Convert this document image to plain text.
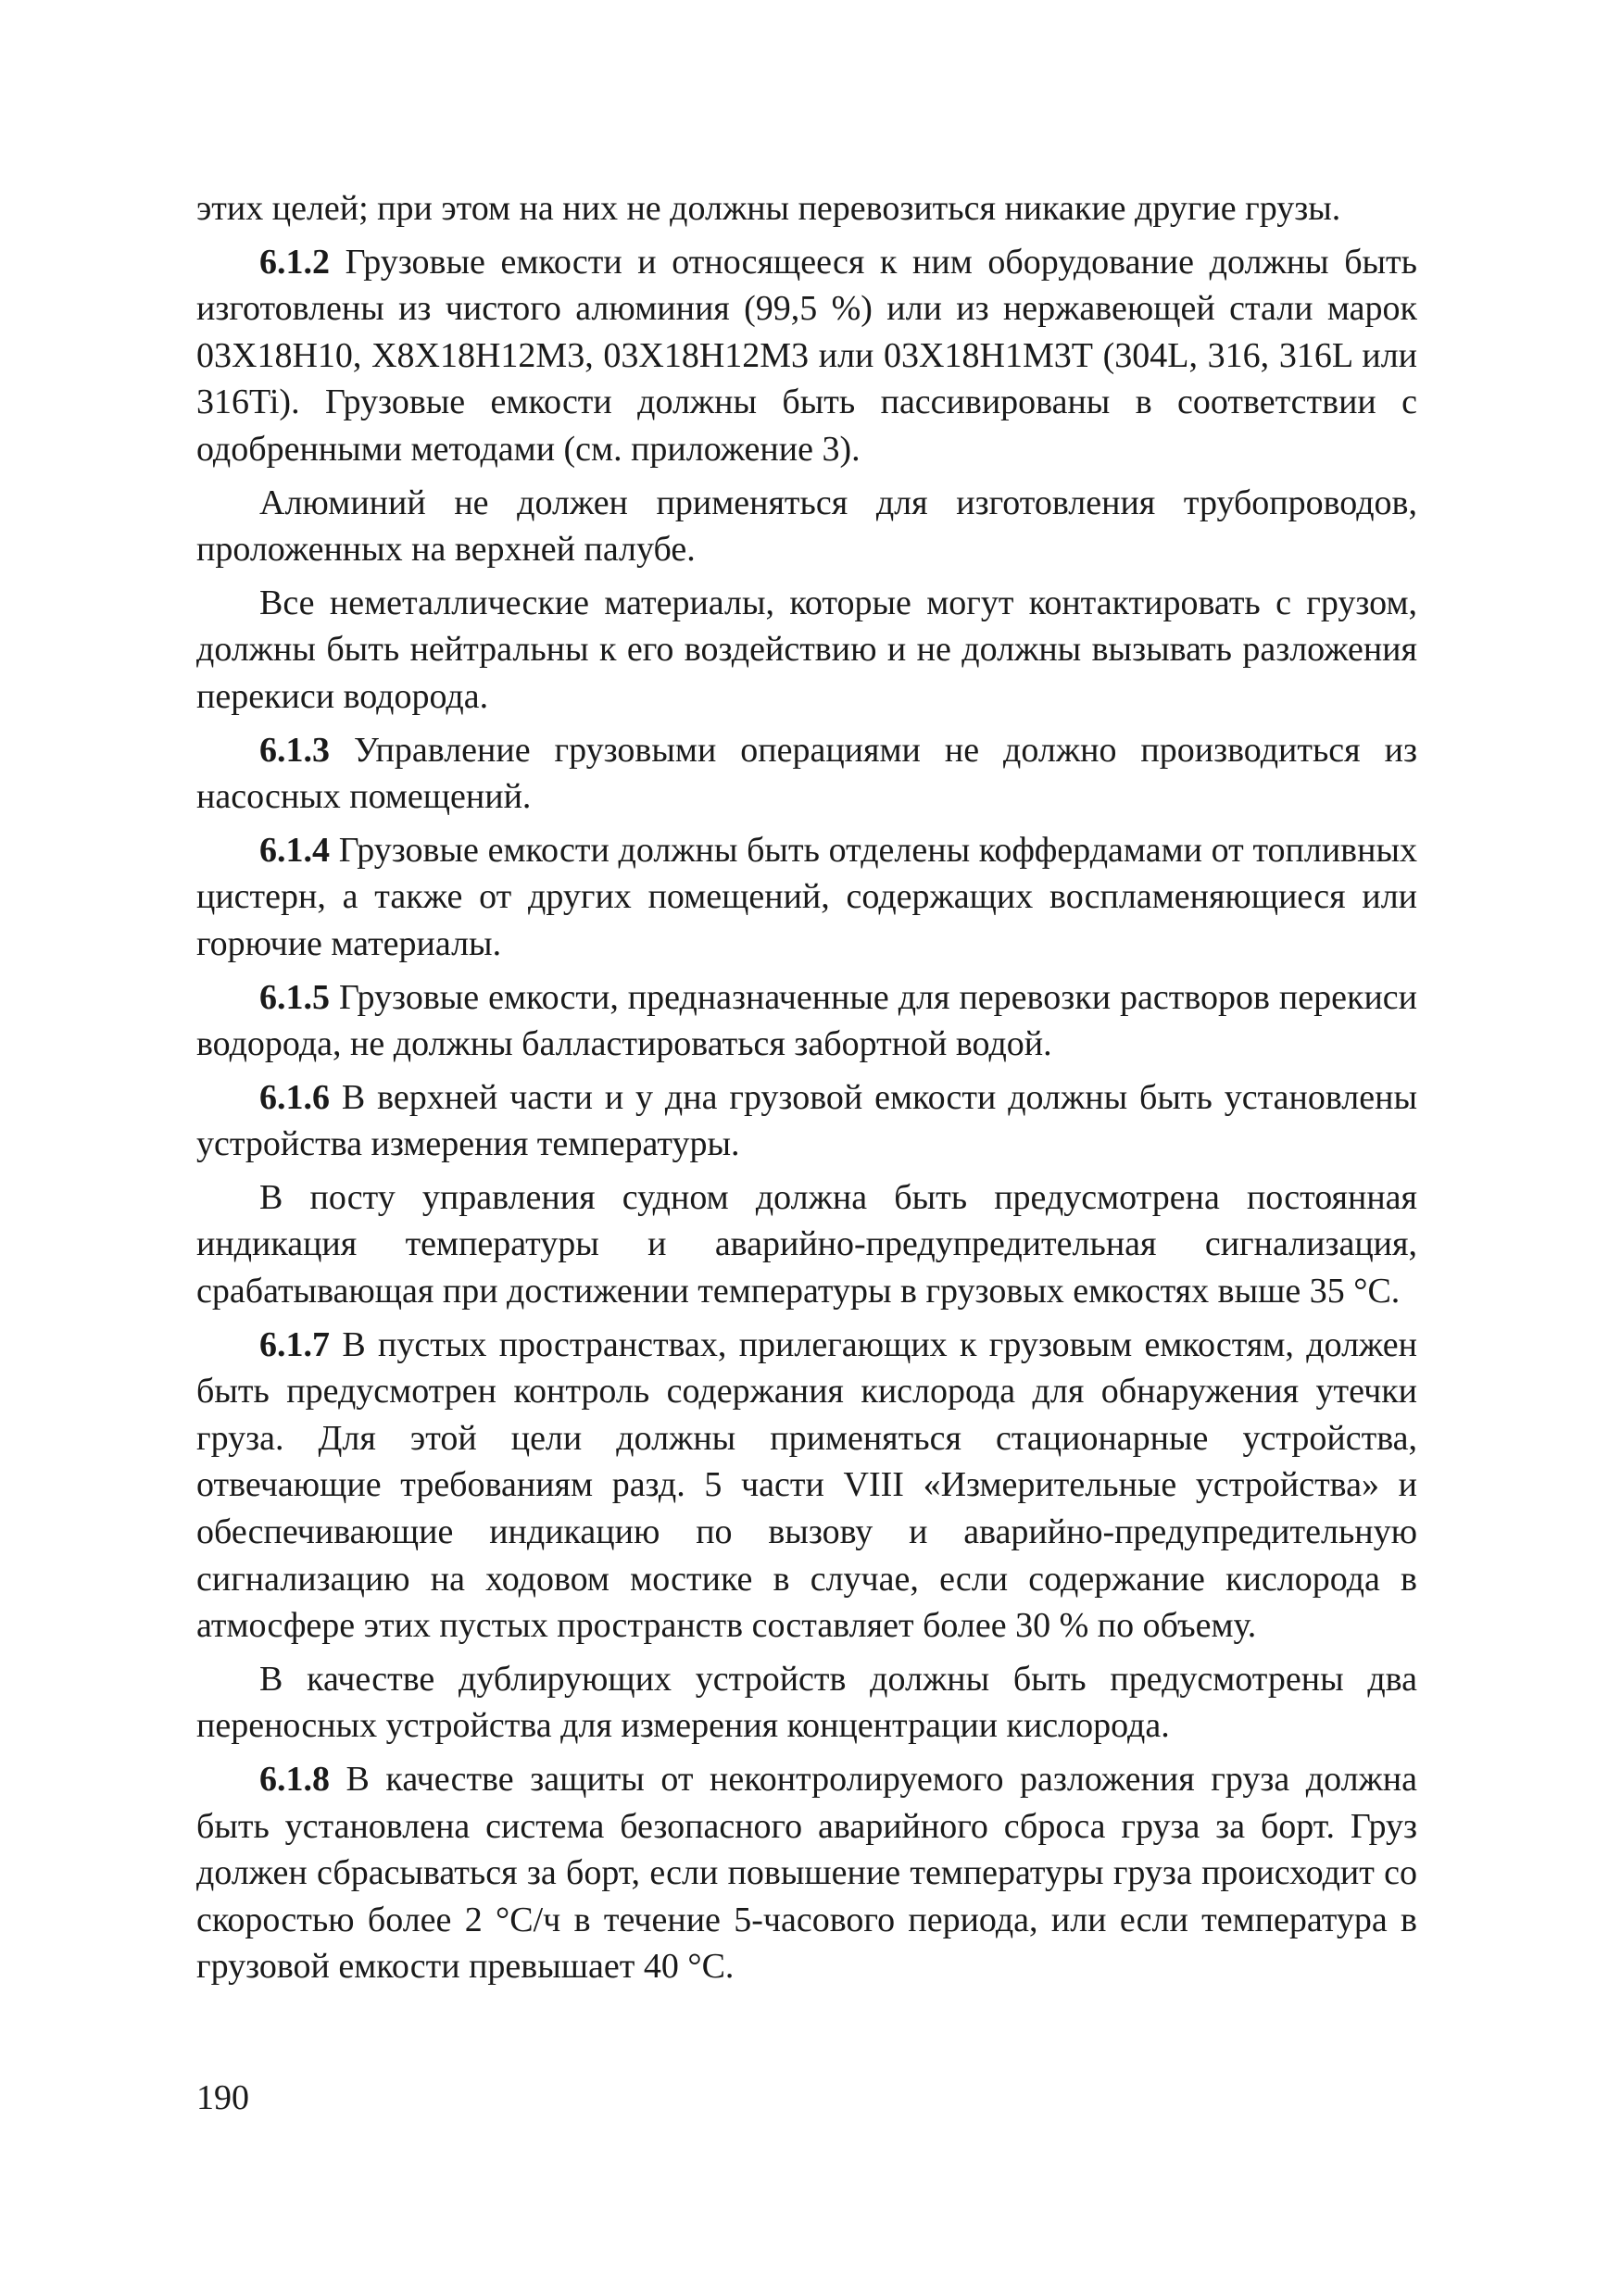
этих целей; при этом на них не должны перевозиться никакие другие грузы.

6.1.2 Грузовые емкости и относящееся к ним оборудование должны быть изготовлены из чистого алюминия (99,5 %) или из нержавеющей стали марок 03Х18Н10, Х8Х18Н12М3, 03Х18Н12М3 или 03Х18Н1М3Т (304L, 316, 316L или 316Ti). Грузовые емкости должны быть пассивированы в соответствии с одобренными методами (см. приложение 3).

Алюминий не должен применяться для изготовления трубопроводов, проложенных на верхней палубе.

Все неметаллические материалы, которые могут контактировать с грузом, должны быть нейтральны к его воздействию и не должны вызывать разложения перекиси водорода.

6.1.3 Управление грузовыми операциями не должно производиться из насосных помещений.

6.1.4 Грузовые емкости должны быть отделены коффердамами от топливных цистерн, а также от других помещений, содержащих воспламеняющиеся или горючие материалы.

6.1.5 Грузовые емкости, предназначенные для перевозки растворов перекиси водорода, не должны балластироваться забортной водой.

6.1.6 В верхней части и у дна грузовой емкости должны быть установлены устройства измерения температуры.

В посту управления судном должна быть предусмотрена постоянная индикация температуры и аварийно-предупредительная сигнализация, срабатывающая при достижении температуры в грузовых емкостях выше 35 °С.

6.1.7 В пустых пространствах, прилегающих к грузовым емкостям, должен быть предусмотрен контроль содержания кислорода для обнаружения утечки груза. Для этой цели должны применяться стационарные устройства, отвечающие требованиям разд. 5 части VIII «Измерительные устройства» и обеспечивающие индикацию по вызову и аварийно-предупредительную сигнализацию на ходовом мостике в случае, если содержание кислорода в атмосфере этих пустых пространств составляет более 30 % по объему.

В качестве дублирующих устройств должны быть предусмотрены два переносных устройства для измерения концентрации кислорода.

6.1.8 В качестве защиты от неконтролируемого разложения груза должна быть установлена система безопасного аварийного сброса груза за борт. Груз должен сбрасываться за борт, если повышение температуры груза происходит со скоростью более 2 °С/ч в течение 5-часового периода, или если температура в грузовой емкости превышает 40 °С.

190
